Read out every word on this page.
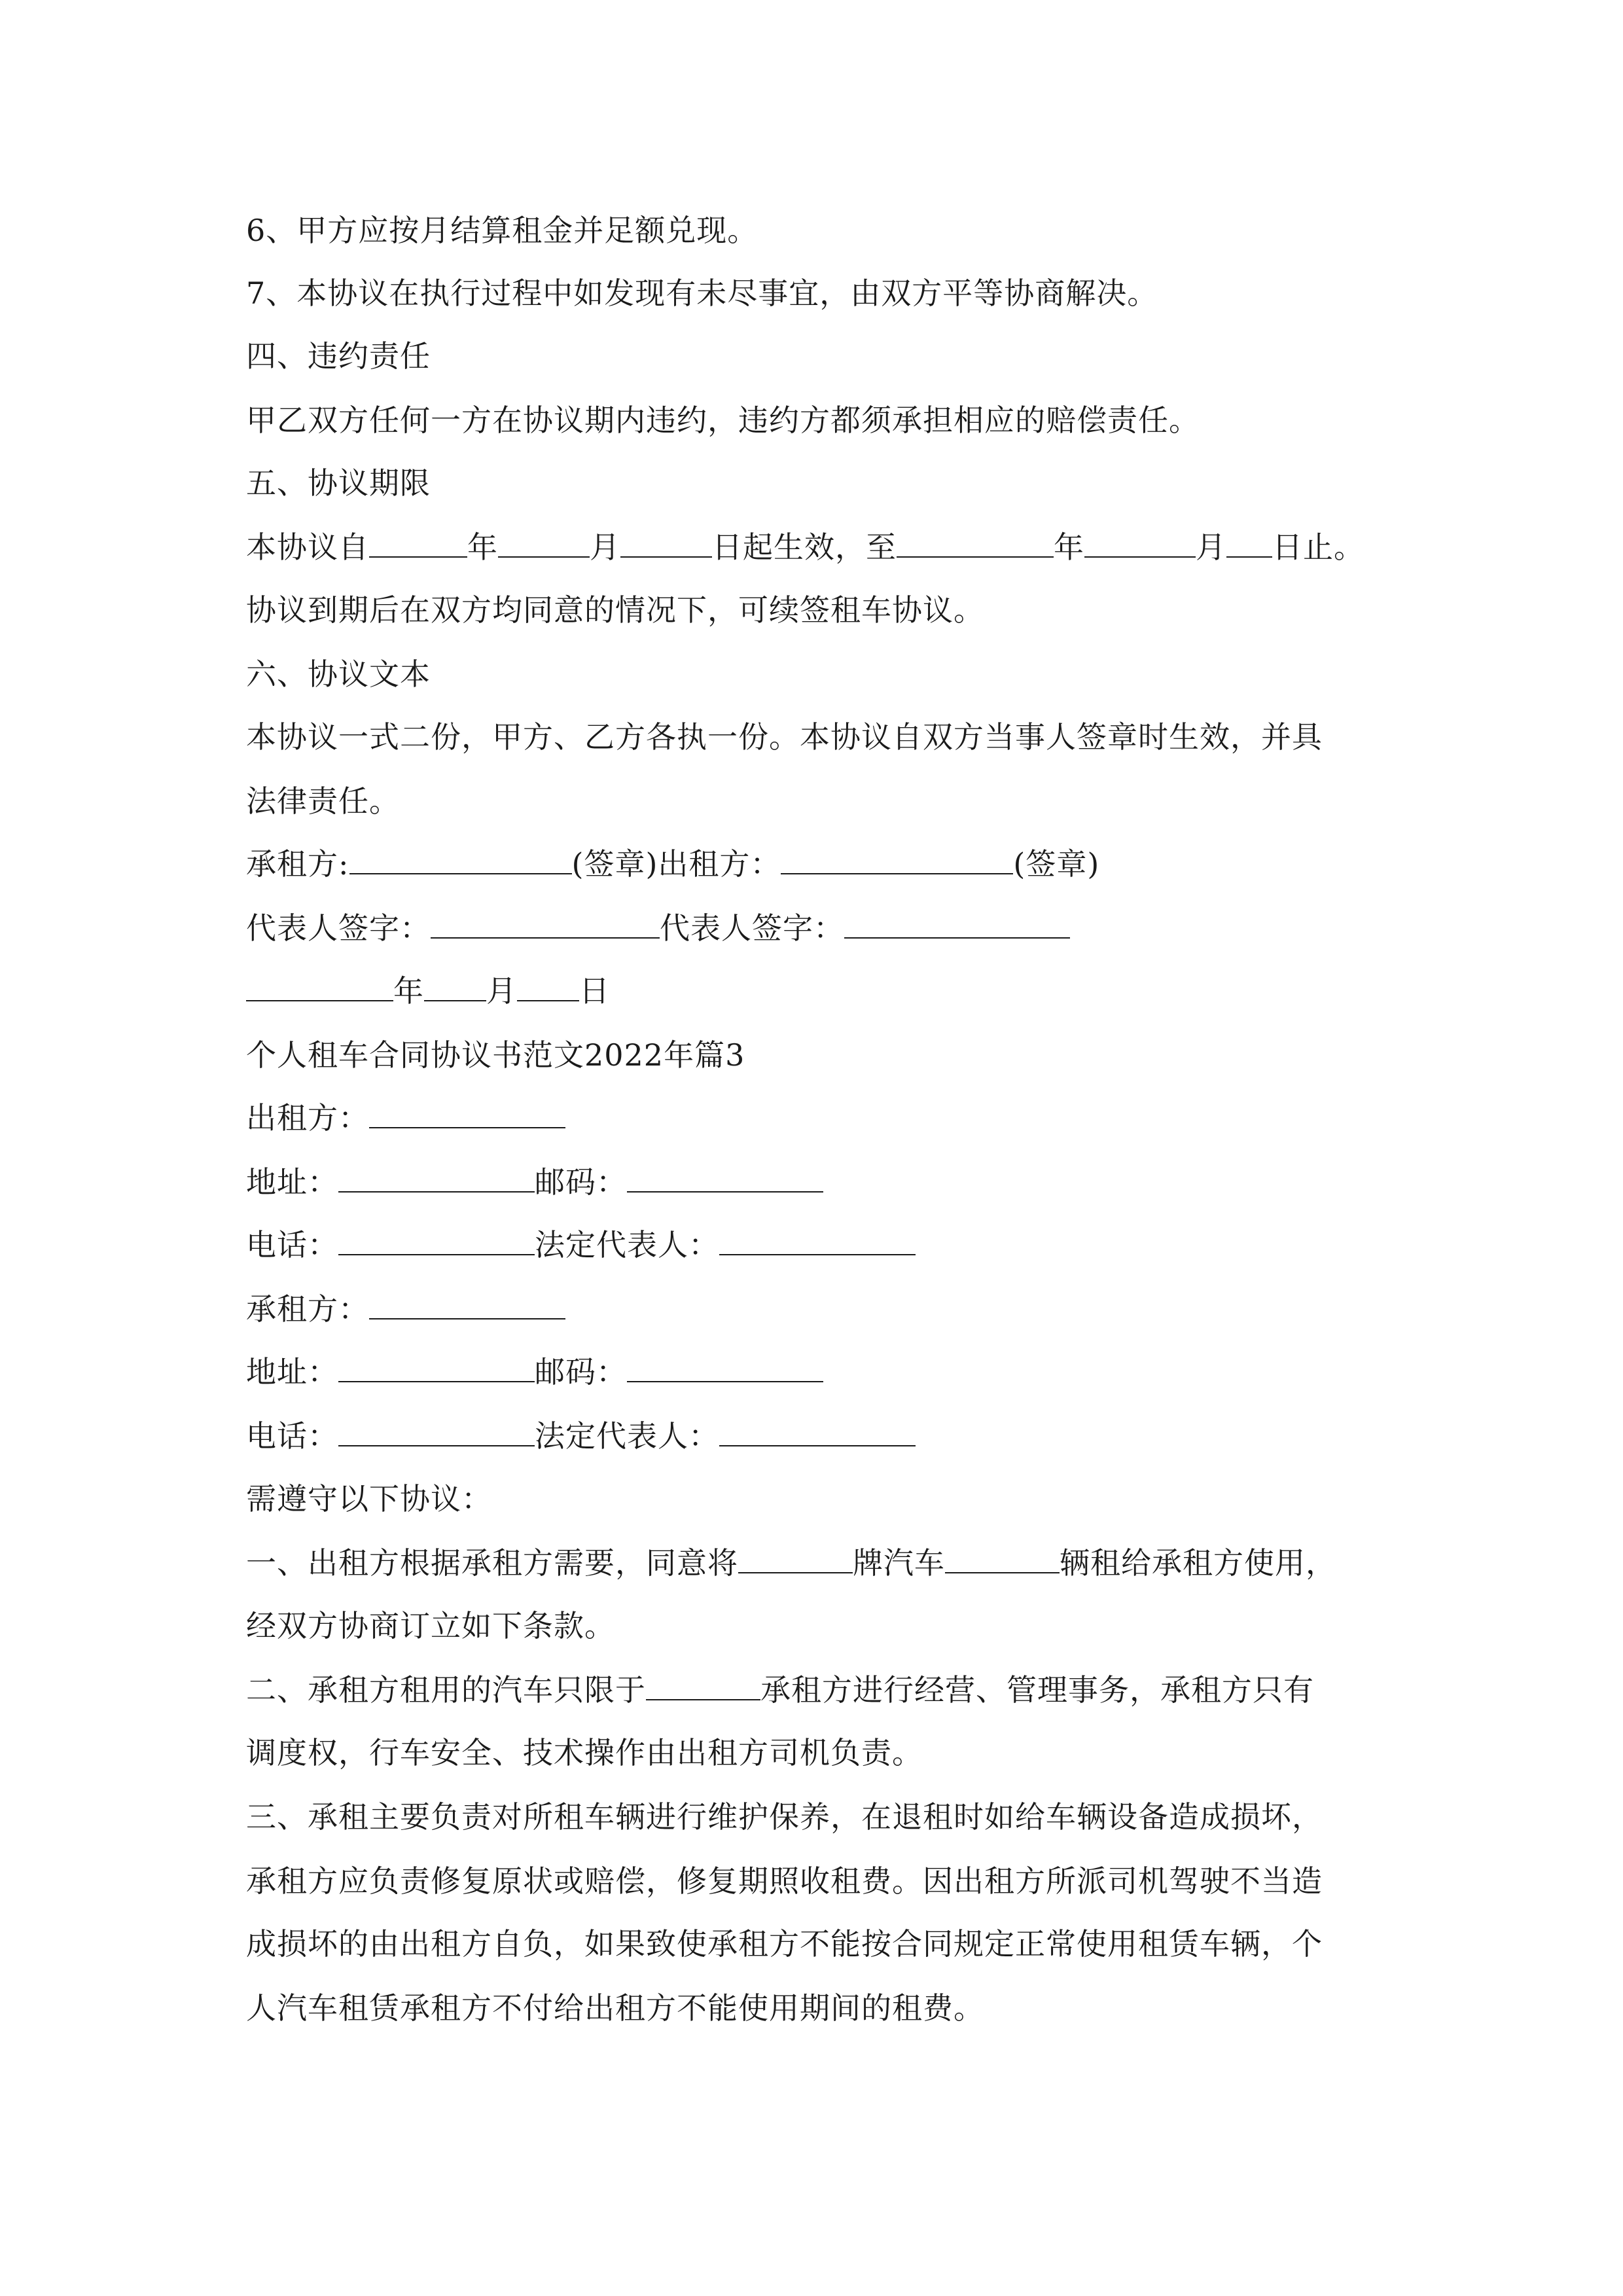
6、甲方应按月结算租金并足额兑现。
7、本协议在执行过程中如发现有未尽事宜，由双方平等协商解决。
四、违约责任
甲乙双方任何一方在协议期内违约，违约方都须承担相应的赔偿责任。
五、协议期限
本协议自	年	月	日起生效，至	年	月 日止。
协议到期后在双方均同意的情况下，可续签租车协议。
六、协议文本
本协议一式二份，甲方、乙方各执一份。本协议自双方当事人签章时生效，并具
法律责任。
承租方:	(签章)出租方：	(签章)
代表人签字：	代表人签字：
年 月 日
个人租车合同协议书范文2022年篇3
出租方：
地址：	邮码：
电话：	法定代表人：
承租方：
地址：	邮码：
电话：	法定代表人：
需遵守以下协议：
一、出租方根据承租方需要，同意将	牌汽车	辆租给承租方使用，
经双方协商订立如下条款。
二、承租方租用的汽车只限于	承租方进行经营、管理事务，承租方只有
调度权，行车安全、技术操作由出租方司机负责。
三、承租主要负责对所租车辆进行维护保养，在退租时如给车辆设备造成损坏，
承租方应负责修复原状或赔偿，修复期照收租费。因出租方所派司机驾驶不当造
成损坏的由出租方自负，如果致使承租方不能按合同规定正常使用租赁车辆，个
人汽车租赁承租方不付给出租方不能使用期间的租费。
